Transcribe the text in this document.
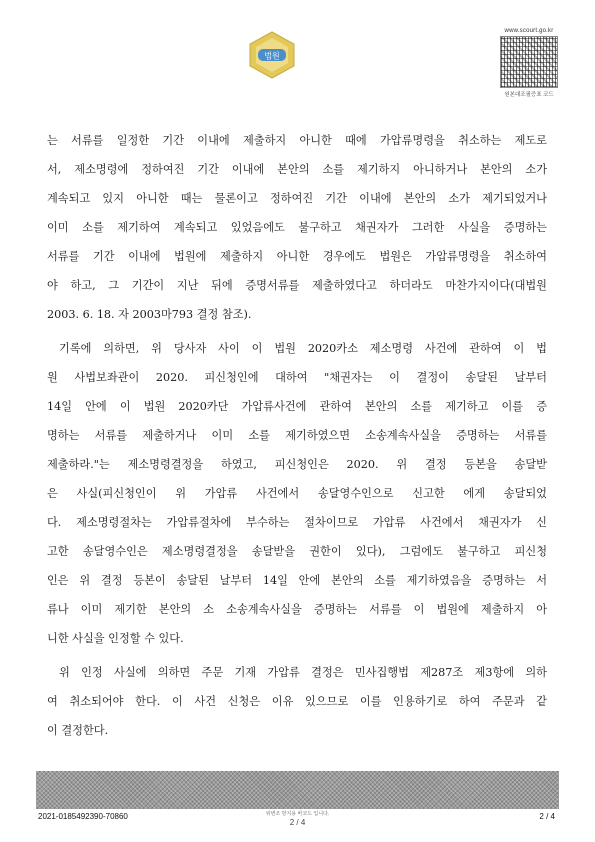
법원
www.scourt.go.kr
원본대조필증표 코드
는 서류를 일정한 기간 이내에 제출하지 아니한 때에 가압류명령을 취소하는 제도로
서, 제소명령에 정하여진 기간 이내에 본안의 소를 제기하지 아니하거나 본안의 소가
계속되고 있지 아니한 때는 물론이고 정하여진 기간 이내에 본안의 소가 제기되었거나
이미 소를 제기하여 계속되고 있었음에도 불구하고 채권자가 그러한 사실을 증명하는
서류를 기간 이내에 법원에 제출하지 아니한 경우에도 법원은 가압류명령을 취소하여
야 하고, 그 기간이 지난 뒤에 증명서류를 제출하였다고 하더라도 마찬가지이다(대법원
2003. 6. 18. 자 2003마793 결정 참조).
기록에 의하면, 위 당사자 사이 이 법원 2020카소 제소명령 사건에 관하여 이 법
원 사법보좌관이 2020. 피신청인에 대하여 "채권자는 이 결정이 송달된 날부터
14일 안에 이 법원 2020카단 가압류사건에 관하여 본안의 소를 제기하고 이를 증
명하는 서류를 제출하거나 이미 소를 제기하였으면 소송계속사실을 증명하는 서류를
제출하라."는 제소명령결정을 하였고, 피신청인은 2020. 위 결정 등본을 송달받
은 사실(피신청인이 위 가압류 사건에서 송달영수인으로 신고한 에게 송달되었
다. 제소명령절차는 가압류절차에 부수하는 절차이므로 가압류 사건에서 채권자가 신
고한 송달영수인은 제소명령결정을 송달받을 권한이 있다), 그럼에도 불구하고 피신청
인은 위 결정 등본이 송달된 날부터 14일 안에 본안의 소를 제기하였음을 증명하는 서
류나 이미 제기한 본안의 소 소송계속사실을 증명하는 서류를 이 법원에 제출하지 아
니한 사실을 인정할 수 있다.
위 인정 사실에 의하면 주문 기재 가압류 결정은 민사집행법 제287조 제3항에 의하
여 취소되어야 한다. 이 사건 신청은 이유 있으므로 이를 인용하기로 하여 주문과 같
이 결정한다.
2021-0185492390-70860	위변조 방지용 바코드 입니다.
2 / 4
2 / 4
